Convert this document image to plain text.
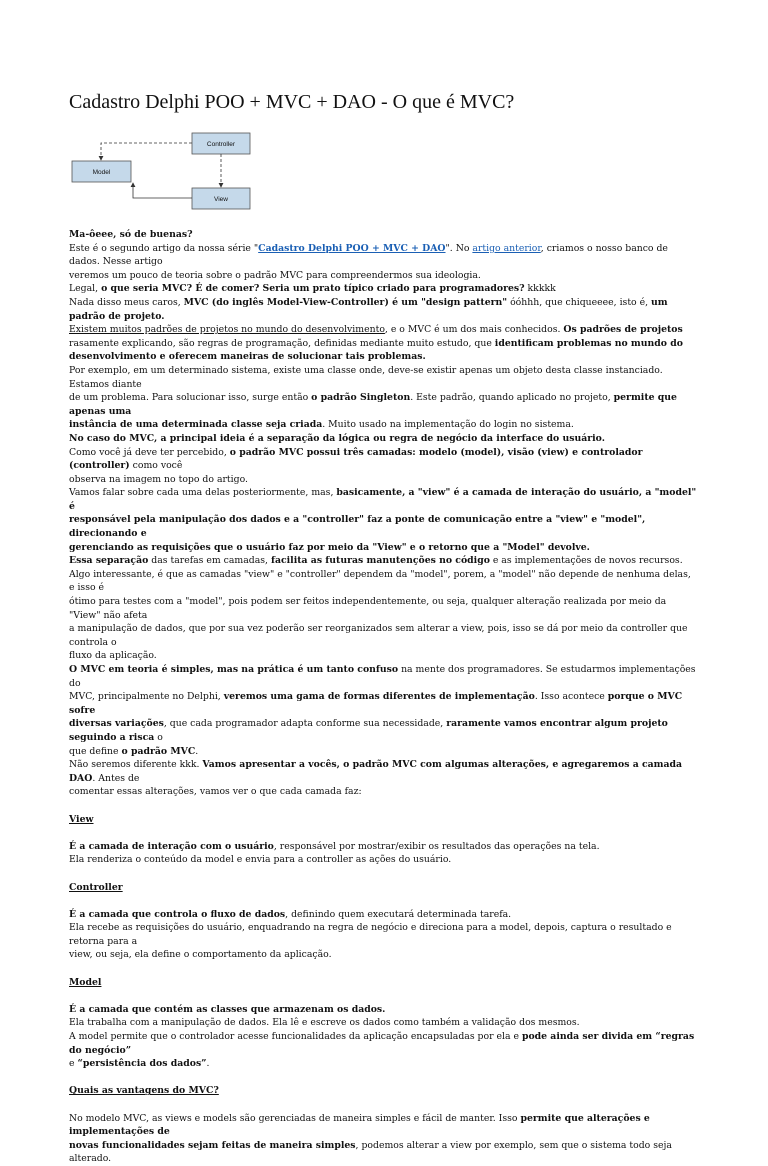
Cadastro Delphi POO + MVC + DAO - O que é MVC?
Controller
Model
View

Ma-ôeee, só de buenas?

Este é o segundo artigo da nossa série "Cadastro Delphi POO + MVC + DAO". No artigo anterior, criamos o nosso banco de dados. Nesse artigo

veremos um pouco de teoria sobre o padrão MVC para compreendermos sua ideologia.

Legal, o que seria MVC? É de comer? Seria um prato típico criado para programadores? kkkkk

Nada disso meus caros, MVC (do inglês Model-View-Controller) é um "design pattern" óóhhh, que chiqueeee, isto é, um padrão de projeto.

Existem muitos padrões de projetos no mundo do desenvolvimento, e o MVC é um dos mais conhecidos. Os padrões de projetos

rasamente explicando, são regras de programação, definidas mediante muito estudo, que identificam problemas no mundo do

desenvolvimento e oferecem maneiras de solucionar tais problemas.

Por exemplo, em um determinado sistema, existe uma classe onde, deve-se existir apenas um objeto desta classe instanciado. Estamos diante

de um problema. Para solucionar isso, surge então o padrão Singleton. Este padrão, quando aplicado no projeto, permite que apenas uma

instância de uma determinada classe seja criada. Muito usado na implementação do login no sistema.

No caso do MVC, a principal ideia é a separação da lógica ou regra de negócio da interface do usuário.

Como você já deve ter percebido, o padrão MVC possui três camadas: modelo (model), visão (view) e controlador (controller) como você

observa na imagem no topo do artigo.

Vamos falar sobre cada uma delas posteriormente, mas, basicamente, a "view" é a camada de interação do usuário, a "model" é

responsável pela manipulação dos dados e a "controller" faz a ponte de comunicação entre a "view" e "model", direcionando e

gerenciando as requisições que o usuário faz por meio da "View" e o retorno que a "Model" devolve.

Essa separação das tarefas em camadas, facilita as futuras manutenções no código e as implementações de novos recursos.

Algo interessante, é que as camadas "view" e "controller" dependem da "model", porem, a "model" não depende de nenhuma delas, e isso é

ótimo para testes com a "model", pois podem ser feitos independentemente, ou seja, qualquer alteração realizada por meio da "View" não afeta

a manipulação de dados, que por sua vez poderão ser reorganizados sem alterar a view, pois, isso se dá por meio da controller que controla o

fluxo da aplicação.

O MVC em teoria é simples, mas na prática é um tanto confuso na mente dos programadores. Se estudarmos implementações do

MVC, principalmente no Delphi, veremos uma gama de formas diferentes de implementação. Isso acontece porque o MVC sofre

diversas variações, que cada programador adapta conforme sua necessidade, raramente vamos encontrar algum projeto seguindo a risca o

que define o padrão MVC.

Não seremos diferente kkk. Vamos apresentar a vocês, o padrão MVC com algumas alterações, e agregaremos a camada DAO. Antes de

comentar essas alterações, vamos ver o que cada camada faz:

View

É a camada de interação com o usuário, responsável por mostrar/exibir os resultados das operações na tela.

Ela renderiza o conteúdo da model e envia para a controller as ações do usuário.

Controller

É a camada que controla o fluxo de dados, definindo quem executará determinada tarefa.

Ela recebe as requisições do usuário, enquadrando na regra de negócio e direciona para a model, depois, captura o resultado e retorna para a

view, ou seja, ela define o comportamento da aplicação.

Model

É a camada que contém as classes que armazenam os dados.

Ela trabalha com a manipulação de dados. Ela lê e escreve os dados como também a validação dos mesmos.

A model permite que o controlador acesse funcionalidades da aplicação encapsuladas por ela e pode ainda ser divida em “regras do negócio”

e “persistência dos dados”.

Quais as vantagens do MVC?

No modelo MVC, as views e models são gerenciadas de maneira simples e fácil de manter. Isso permite que alterações e implementações de

novas funcionalidades sejam feitas de maneira simples, podemos alterar a view por exemplo, sem que o sistema todo seja alterado.
